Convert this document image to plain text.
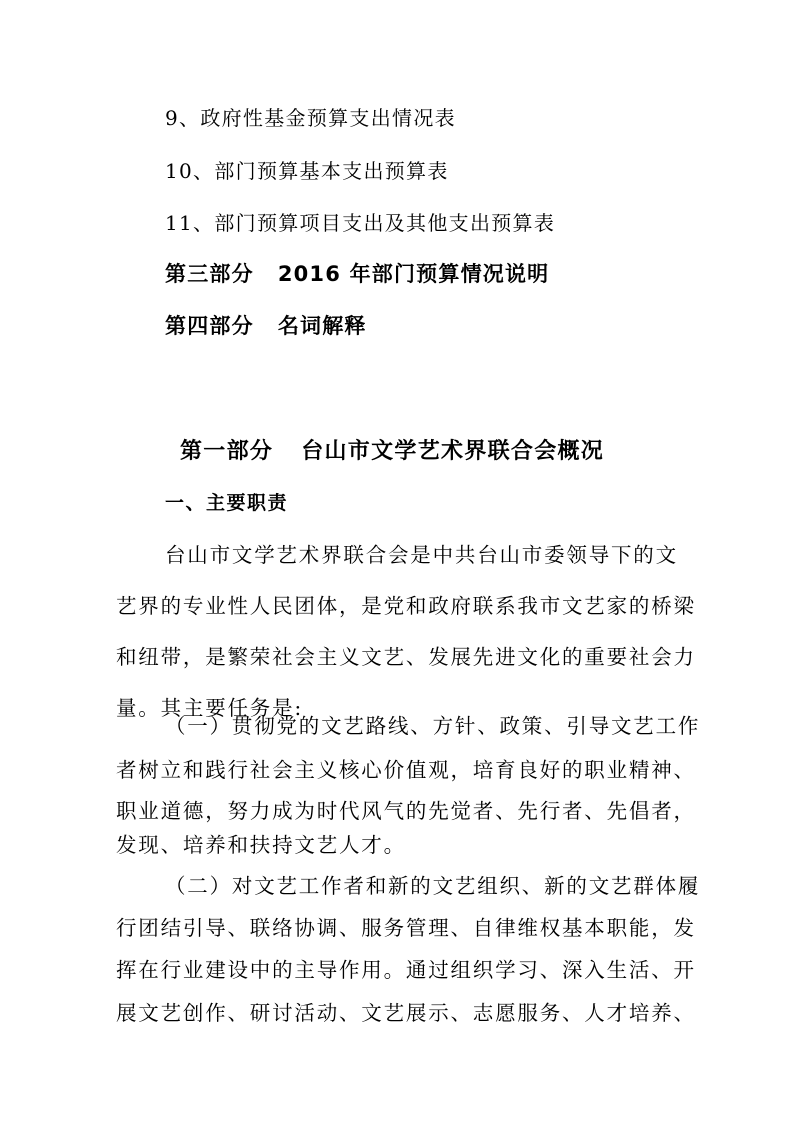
9、政府性基金预算支出情况表
10、部门预算基本支出预算表
11、部门预算项目支出及其他支出预算表
第三部分 2016 年部门预算情况说明
第四部分 名词解释
第一部分 台山市文学艺术界联合会概况
一、主要职责
台山市文学艺术界联合会是中共台山市委领导下的文
艺界的专业性人民团体，是党和政府联系我市文艺家的桥梁
和纽带，是繁荣社会主义文艺、发展先进文化的重要社会力
量。其主要任务是:
（一）贯彻党的文艺路线、方针、政策、引导文艺工作
者树立和践行社会主义核心价值观，培育良好的职业精神、
职业道德，努力成为时代风气的先觉者、先行者、先倡者，
发现、培养和扶持文艺人才。
（二）对文艺工作者和新的文艺组织、新的文艺群体履
行团结引导、联络协调、服务管理、自律维权基本职能，发
挥在行业建设中的主导作用。通过组织学习、深入生活、开
展文艺创作、研讨活动、文艺展示、志愿服务、人才培养、
